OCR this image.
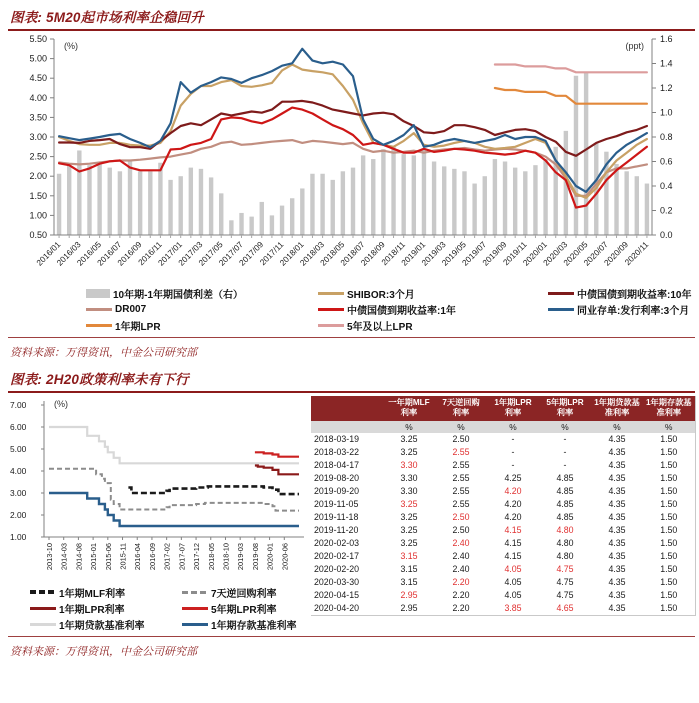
图表: 5M20起市场利率企稳回升
5.50
5.00
4.50
4.00
3.50
3.00
2.50
2.00
1.50
1.00
0.50
1.6
1.4
1.2
1.0
0.8
0.6
0.4
0.2
0.0
(%)	(ppt)
2016/01
2016/03
2016/05
2016/07
2016/09
2016/11
2017/01
2017/03
2017/05
2017/07
2017/09
2017/11
2018/01
2018/03
2018/05
2018/07
2018/09
2018/11
2019/01
2019/03
2019/05
2019/07
2019/09
2019/11
2020/01
2020/03
2020/05
2020/07
2020/09
2020/11
10年期-1年期国债利差（右）	SHIBOR:3个月	中债国债到期收益率:10年
DR007	中债国债到期收益率:1年	同业存单:发行利率:3个月
1年期LPR	5年及以上LPR
资料来源：万得资讯，中金公司研究部
图表: 2H20政策利率未有下行
7.00
6.00
5.00
4.00
3.00
2.00
1.00
(%)
2013-10 2014-03 2014-08 2015-01 2015-06 2015-11 2016-04 2016-09 2017-02 2017-07 2017-12 2018-05 2018-10 2019-03 2019-08 2020-01 2020-06
1年期MLF利率	7天逆回购利率
1年期LPR利率	5年期LPR利率
1年期贷款基准利率	1年期存款基准利率

一年期MLF
利率

7天逆回购
利率

1年期LPR
利率

5年期LPR
利率

1年期贷款基
准利率

1年期存款基
准利率

	%	%	%	%	%	%
2018-03-19	3.25	2.50	-	-	4.35	1.50
2018-03-22	3.25	2.55	-	-	4.35	1.50
2018-04-17	3.30	2.55	-	-	4.35	1.50
2019-08-20	3.30	2.55	4.25	4.85	4.35	1.50
2019-09-20	3.30	2.55	4.20	4.85	4.35	1.50
2019-11-05	3.25	2.55	4.20	4.85	4.35	1.50
2019-11-18	3.25	2.50	4.20	4.85	4.35	1.50
2019-11-20	3.25	2.50	4.15	4.80	4.35	1.50
2020-02-03	3.25	2.40	4.15	4.80	4.35	1.50
2020-02-17	3.15	2.40	4.15	4.80	4.35	1.50
2020-02-20	3.15	2.40	4.05	4.75	4.35	1.50
2020-03-30	3.15	2.20	4.05	4.75	4.35	1.50
2020-04-15	2.95	2.20	4.05	4.75	4.35	1.50
2020-04-20	2.95	2.20	3.85	4.65	4.35	1.50
资料来源：万得资讯，中金公司研究部
